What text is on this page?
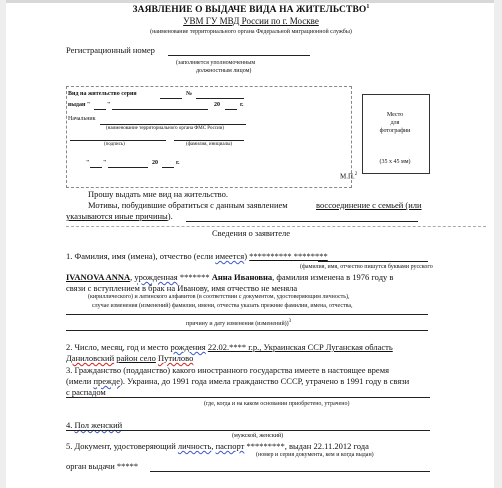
ЗАЯВЛЕНИЕ О ВЫДАЧЕ ВИДА НА ЖИТЕЛЬСТВО$^1$
УВМ ГУ МВД России по г. Москве
(наименование территориального органа Федеральной миграционной службы)
Регистрационный номер
(заполняется уполномоченным
должностным лицом)
Вид на жительство серия	№
выдан "	"	20	г.
Начальник
(наименование территориального органа ФМС России)
(подпись)	(фамилия, инициалы)
" "	20	г.
М.П.$^2$
Место
для
фотографии
(35 х 45 мм)
Прошу выдать мне вид на жительство.
Мотивы, побудившие обратиться с данным заявлением	воссоединение с семьей (или
указываются иные причины).
Сведения о заявителе
1. Фамилия, имя (имена), отчество (если имеется) ********** ********
(фамилия, имя, отчество пишутся буквами русского
IVANOVA ANNA, урожденная ******* Анна Ивановна, фамилия изменена в 1976 году в
связи с вступлением в брак на Иванову, имя отчество не меняла
(кириллического) и латинского алфавитов (в соответствии с документом, удостоверяющим личность),
случае изменения (изменений) фамилии, имени, отчества указать прежние фамилии, имена, отчества,
причину и дату изменения (изменений))$^3$
2. Число, месяц, год и место рождения 22.02.**** г.р., Украинская ССР Луганская область
Даниловский район село Путилово
3. Гражданство (подданство) какого иностранного государства имеете в настоящее время
(имели прежде). Украина, до 1991 года имела гражданство СССР, утрачено в 1991 году в связи
с распадом
(где, когда и на каком основании приобретено, утрачено)
4. Пол женский
(мужской, женский)
5. Документ, удостоверяющий личность, паспорт *********, выдан 22.11.2012 года
(номер и серия документа, кем и когда выдан)
орган выдачи *****
